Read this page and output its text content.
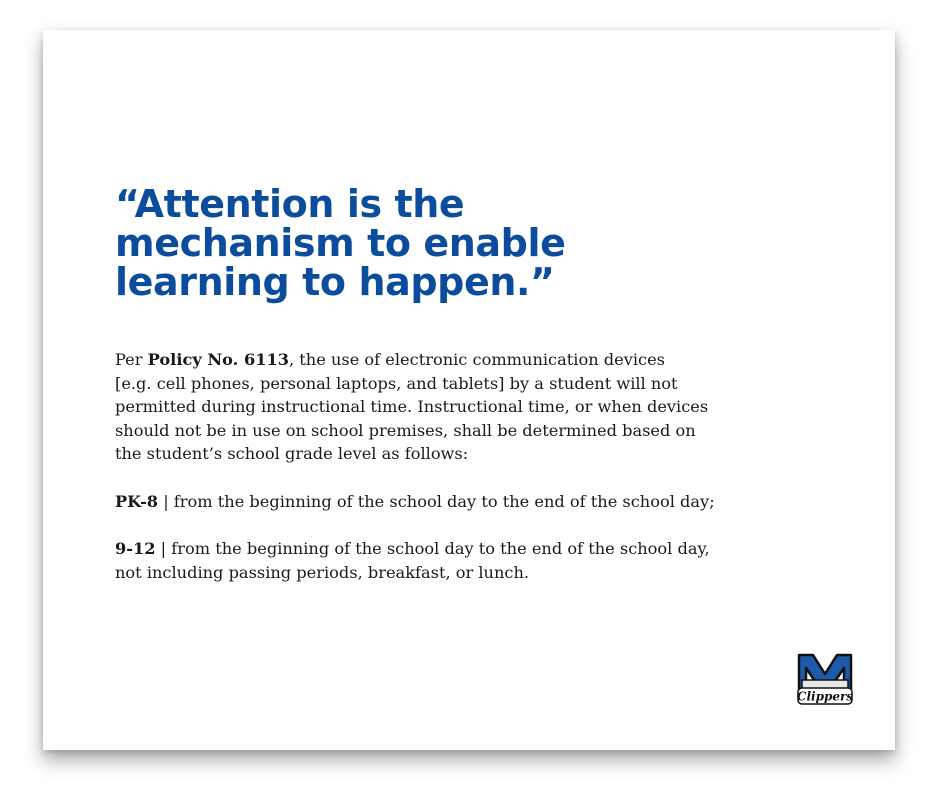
“Attention is the
mechanism to enable
learning to happen.”

Per Policy No. 6113, the use of electronic communication devices
[e.g. cell phones, personal laptops, and tablets] by a student will not
permitted during instructional time. Instructional time, or when devices
should not be in use on school premises, shall be determined based on
the student’s school grade level as follows:

PK-8 | from the beginning of the school day to the end of the school day;

9-12 | from the beginning of the school day to the end of the school day,
not including passing periods, breakfast, or lunch.

Clippers
